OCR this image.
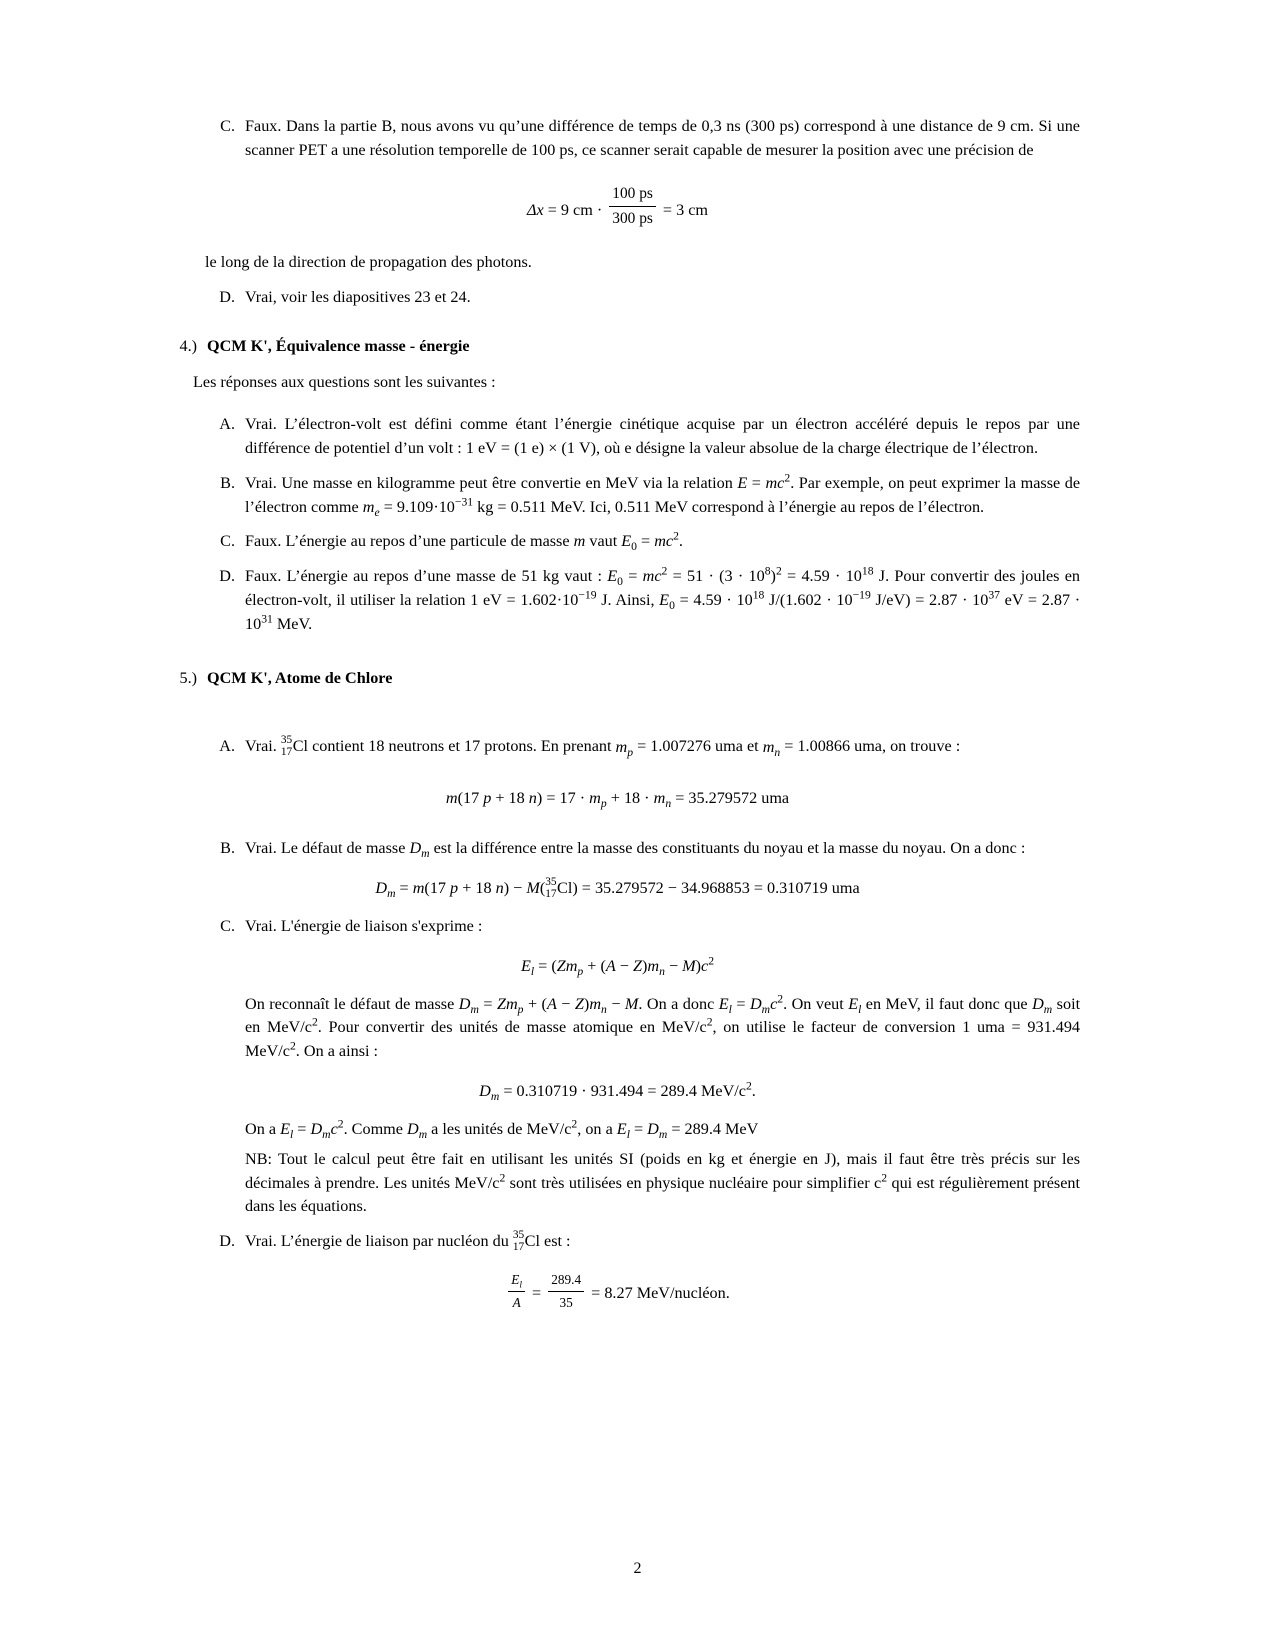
C. Faux. Dans la partie B, nous avons vu qu’une différence de temps de 0,3 ns (300 ps) correspond à une distance de 9 cm. Si une scanner PET a une résolution temporelle de 100 ps, ce scanner serait capable de mesurer la position avec une précision de
Δx = 9 cm · $\frac{100 ps}{300 ps} = 3$ cm
le long de la direction de propagation des photons.
D. Vrai, voir les diapositives 23 et 24.
4.) QCM K', Équivalence masse - énergie
Les réponses aux questions sont les suivantes :
A. Vrai. L’électron-volt est défini comme étant l’énergie cinétique acquise par un électron accéléré depuis le repos par une différence de potentiel d’un volt : 1 eV = (1 e) × (1 V), où e désigne la valeur absolue de la charge électrique de l’électron.
B. Vrai. Une masse en kilogramme peut être convertie en MeV via la relation $E = mc^2$. Par exemple, on peut exprimer la masse de l’électron comme $m_e = 9.109\cdot 10^{-31}$ kg = 0.511 MeV. Ici, 0.511 MeV correspond à l’énergie au repos de l’électron.
C. Faux. L’énergie au repos d’une particule de masse m vaut $E_0 = mc^2$.
D. Faux. L’énergie au repos d’une masse de 51 kg vaut : $E_0 = mc^2 = 51 \cdot (3 \cdot 10^8)^2 = 4.59 \cdot 10^{18}$ J. Pour convertir des joules en électron-volt, il utiliser la relation 1 eV = $1.602\cdot 10^{-19}$ J. Ainsi, $E_0 = 4.59 \cdot 10^{18}$ $J/(1.602 \cdot 10^{-19}$ $J/eV) = 2.87 \cdot 10^{37}$ eV = $2.87 \cdot 10^{31}$ MeV.
5.) QCM K', Atome de Chlore
A. Vrai. 35
17 Cl contient 18 neutrons et 17 protons. En prenant $m_p = 1.007276$ uma et $m_n = 1.00866$ uma, on trouve :
m(17 p + 18 $n) = 17 \cdot m_p + 18 \cdot m_n = 35.279572$ uma
B. Vrai. Le défaut de masse $D_m$ est la différence entre la masse des constituants du noyau et la masse du noyau. On a donc :
$D_m = m(17$ p + 18 n) − M( 35
17 Cl) = 35.279572 − 34.968853 = 0.310719 uma
C. Vrai. L'énergie de liaison s'exprime :
$E_l = (Zm_p + (A - Z)m_n - M)c^2$
On reconnaît le défaut de masse $D_m = Zm_p + (A - Z)m_n - M$. On a donc $E_l = D_mc^2$. On veut $E_l$ en MeV, il faut donc que $D_m$ soit en MeV/$c^2$. Pour convertir des unités de masse atomique en MeV/$c^2$, on utilise le facteur de conversion 1 uma = 931.494 MeV/$c^2$. On a ainsi :
$D_m = 0.310719 \cdot 931.494 = 289.4$ MeV/$c^2$.
On a $E_l = D_mc^2$. Comme $D_m$ a les unités de MeV/$c^2$, on a $E_l = D_m = 289.4$ MeV
NB: Tout le calcul peut être fait en utilisant les unités SI (poids en kg et énergie en J), mais il faut être très précis sur les décimales à prendre. Les unités MeV/$c^2$ sont très utilisées en physique nucléaire pour simplifier $c^2$ qui est régulièrement présent dans les équations.
D. Vrai. L’énergie de liaison par nucléon du 35
17 Cl est :
$\frac{E_l}{A} = \frac{289.4}{35} = 8.27$ MeV/nucléon.
2
